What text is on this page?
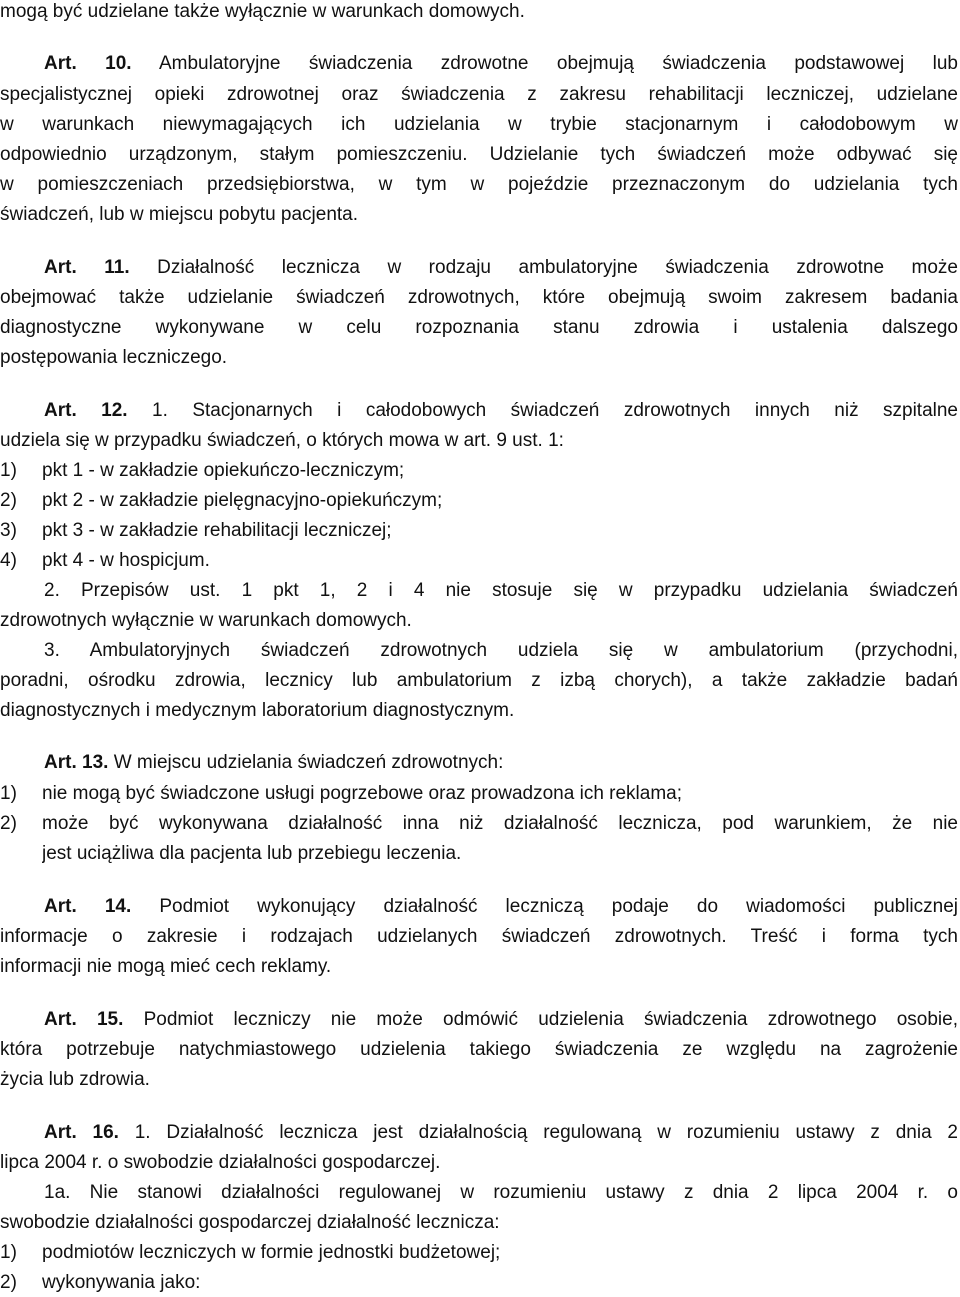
mogą być udzielane także wyłącznie w warunkach domowych.
Art. 10. Ambulatoryjne świadczenia zdrowotne obejmują świadczenia podstawowej lub
specjalistycznej opieki zdrowotnej oraz świadczenia z zakresu rehabilitacji leczniczej, udzielane
w warunkach niewymagających ich udzielania w trybie stacjonarnym i całodobowym w
odpowiednio urządzonym, stałym pomieszczeniu. Udzielanie tych świadczeń może odbywać się
w pomieszczeniach przedsiębiorstwa, w tym w pojeździe przeznaczonym do udzielania tych
świadczeń, lub w miejscu pobytu pacjenta.
Art. 11. Działalność lecznicza w rodzaju ambulatoryjne świadczenia zdrowotne może
obejmować także udzielanie świadczeń zdrowotnych, które obejmują swoim zakresem badania
diagnostyczne wykonywane w celu rozpoznania stanu zdrowia i ustalenia dalszego
postępowania leczniczego.
Art. 12. 1. Stacjonarnych i całodobowych świadczeń zdrowotnych innych niż szpitalne
udziela się w przypadku świadczeń, o których mowa w art. 9 ust. 1:
1) pkt 1 - w zakładzie opiekuńczo-leczniczym;
2) pkt 2 - w zakładzie pielęgnacyjno-opiekuńczym;
3) pkt 3 - w zakładzie rehabilitacji leczniczej;
4) pkt 4 - w hospicjum.
2. Przepisów ust. 1 pkt 1, 2 i 4 nie stosuje się w przypadku udzielania świadczeń
zdrowotnych wyłącznie w warunkach domowych.
3. Ambulatoryjnych świadczeń zdrowotnych udziela się w ambulatorium (przychodni,
poradni, ośrodku zdrowia, lecznicy lub ambulatorium z izbą chorych), a także zakładzie badań
diagnostycznych i medycznym laboratorium diagnostycznym.
Art. 13. W miejscu udzielania świadczeń zdrowotnych:
1) nie mogą być świadczone usługi pogrzebowe oraz prowadzona ich reklama;
2) może być wykonywana działalność inna niż działalność lecznicza, pod warunkiem, że nie
jest uciążliwa dla pacjenta lub przebiegu leczenia.
Art. 14. Podmiot wykonujący działalność leczniczą podaje do wiadomości publicznej
informacje o zakresie i rodzajach udzielanych świadczeń zdrowotnych. Treść i forma tych
informacji nie mogą mieć cech reklamy.
Art. 15. Podmiot leczniczy nie może odmówić udzielenia świadczenia zdrowotnego osobie,
która potrzebuje natychmiastowego udzielenia takiego świadczenia ze względu na zagrożenie
życia lub zdrowia.
Art. 16. 1. Działalność lecznicza jest działalnością regulowaną w rozumieniu ustawy z dnia 2
lipca 2004 r. o swobodzie działalności gospodarczej.
1a. Nie stanowi działalności regulowanej w rozumieniu ustawy z dnia 2 lipca 2004 r. o
swobodzie działalności gospodarczej działalność lecznicza:
1) podmiotów leczniczych w formie jednostki budżetowej;
2) wykonywania jako:
